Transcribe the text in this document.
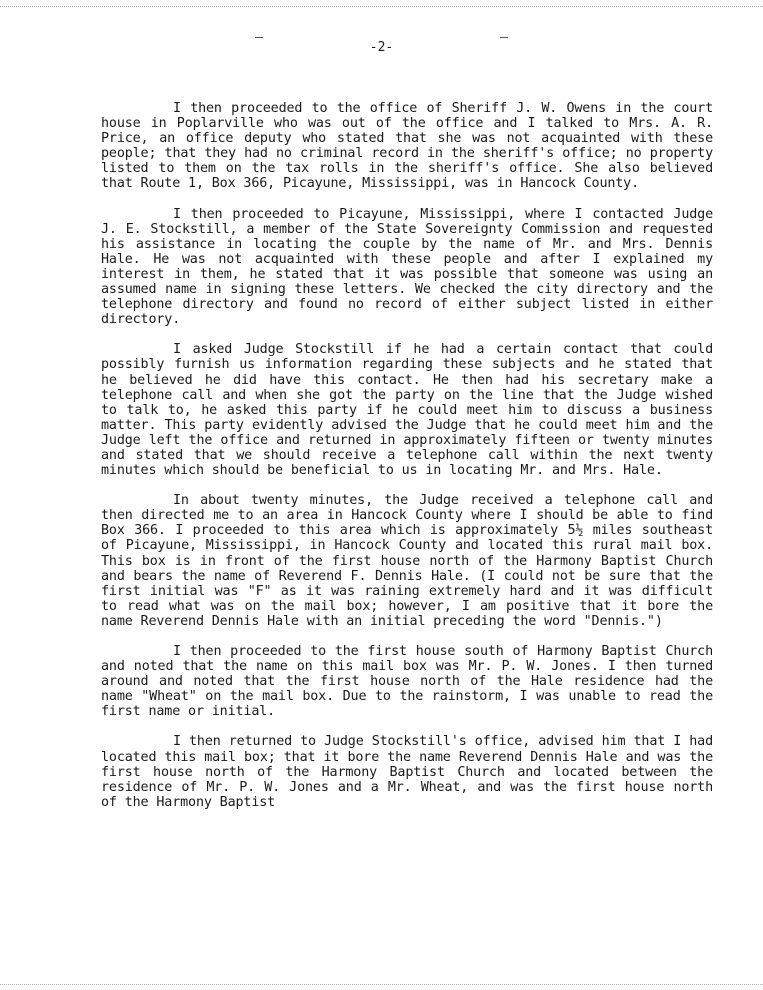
-2-

I then proceeded to the office of Sheriff J. W. Owens in the court house in Poplarville who was out of the office and I talked to Mrs. A. R. Price, an office deputy who stated that she was not acquainted with these people; that they had no criminal record in the sheriff's office; no property listed to them on the tax rolls in the sheriff's office. She also believed that Route 1, Box 366, Picayune, Mississippi, was in Hancock County.

I then proceeded to Picayune, Mississippi, where I contacted Judge J. E. Stockstill, a member of the State Sovereignty Commission and requested his assistance in locating the couple by the name of Mr. and Mrs. Dennis Hale. He was not acquainted with these people and after I explained my interest in them, he stated that it was possible that someone was using an assumed name in signing these letters. We checked the city directory and the telephone directory and found no record of either subject listed in either directory.

I asked Judge Stockstill if he had a certain contact that could possibly furnish us information regarding these subjects and he stated that he believed he did have this contact. He then had his secretary make a telephone call and when she got the party on the line that the Judge wished to talk to, he asked this party if he could meet him to discuss a business matter. This party evidently advised the Judge that he could meet him and the Judge left the office and returned in approximately fifteen or twenty minutes and stated that we should receive a telephone call within the next twenty minutes which should be beneficial to us in locating Mr. and Mrs. Hale.

In about twenty minutes, the Judge received a telephone call and then directed me to an area in Hancock County where I should be able to find Box 366. I proceeded to this area which is approximately 5½ miles southeast of Picayune, Mississippi, in Hancock County and located this rural mail box. This box is in front of the first house north of the Harmony Baptist Church and bears the name of Reverend F. Dennis Hale. (I could not be sure that the first initial was "F" as it was raining extremely hard and it was difficult to read what was on the mail box; however, I am positive that it bore the name Reverend Dennis Hale with an initial preceding the word "Dennis.")

I then proceeded to the first house south of Harmony Baptist Church and noted that the name on this mail box was Mr. P. W. Jones. I then turned around and noted that the first house north of the Hale residence had the name "Wheat" on the mail box. Due to the rainstorm, I was unable to read the first name or initial.

I then returned to Judge Stockstill's office, advised him that I had located this mail box; that it bore the name Reverend Dennis Hale and was the first house north of the Harmony Baptist Church and located between the residence of Mr. P. W. Jones and a Mr. Wheat, and was the first house north of the Harmony Baptist
